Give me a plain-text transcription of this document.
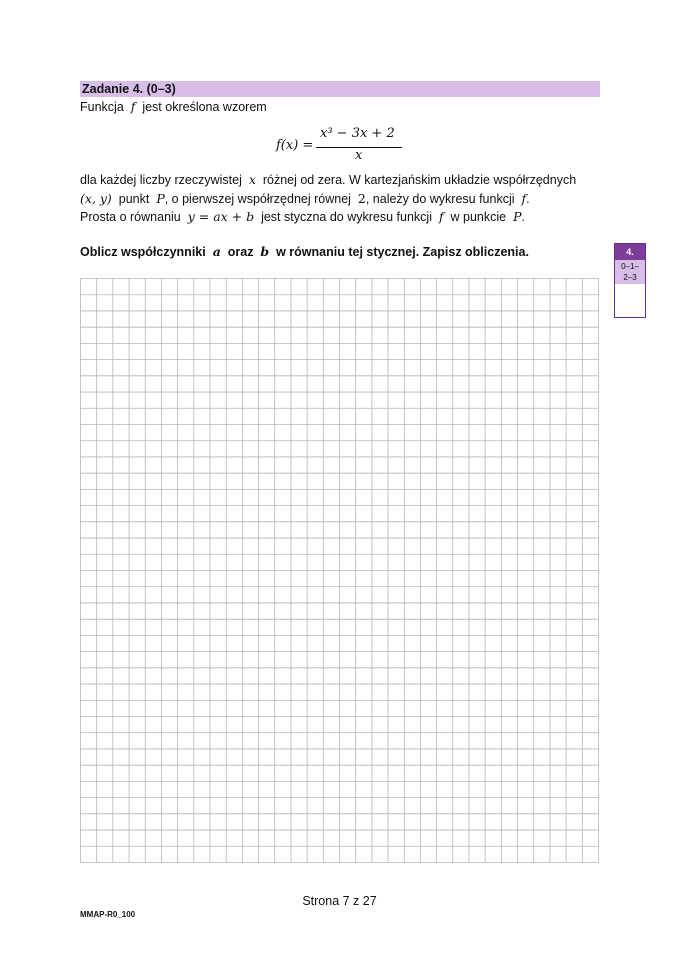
Zadanie 4. (0–3)
Funkcja f jest określona wzorem
f(x) =
x³ − 3x + 2
x
dla każdej liczby rzeczywistej x różnej od zera. W kartezjańskim układzie współrzędnych
(x, y) punkt P, o pierwszej współrzędnej równej 2, należy do wykresu funkcji f.
Prosta o równaniu y = ax + b jest styczna do wykresu funkcji f w punkcie P.
Oblicz współczynniki a oraz b w równaniu tej stycznej. Zapisz obliczenia.	4.
0–1–
2–3
Strona 7 z 27
MMAP-R0_100
